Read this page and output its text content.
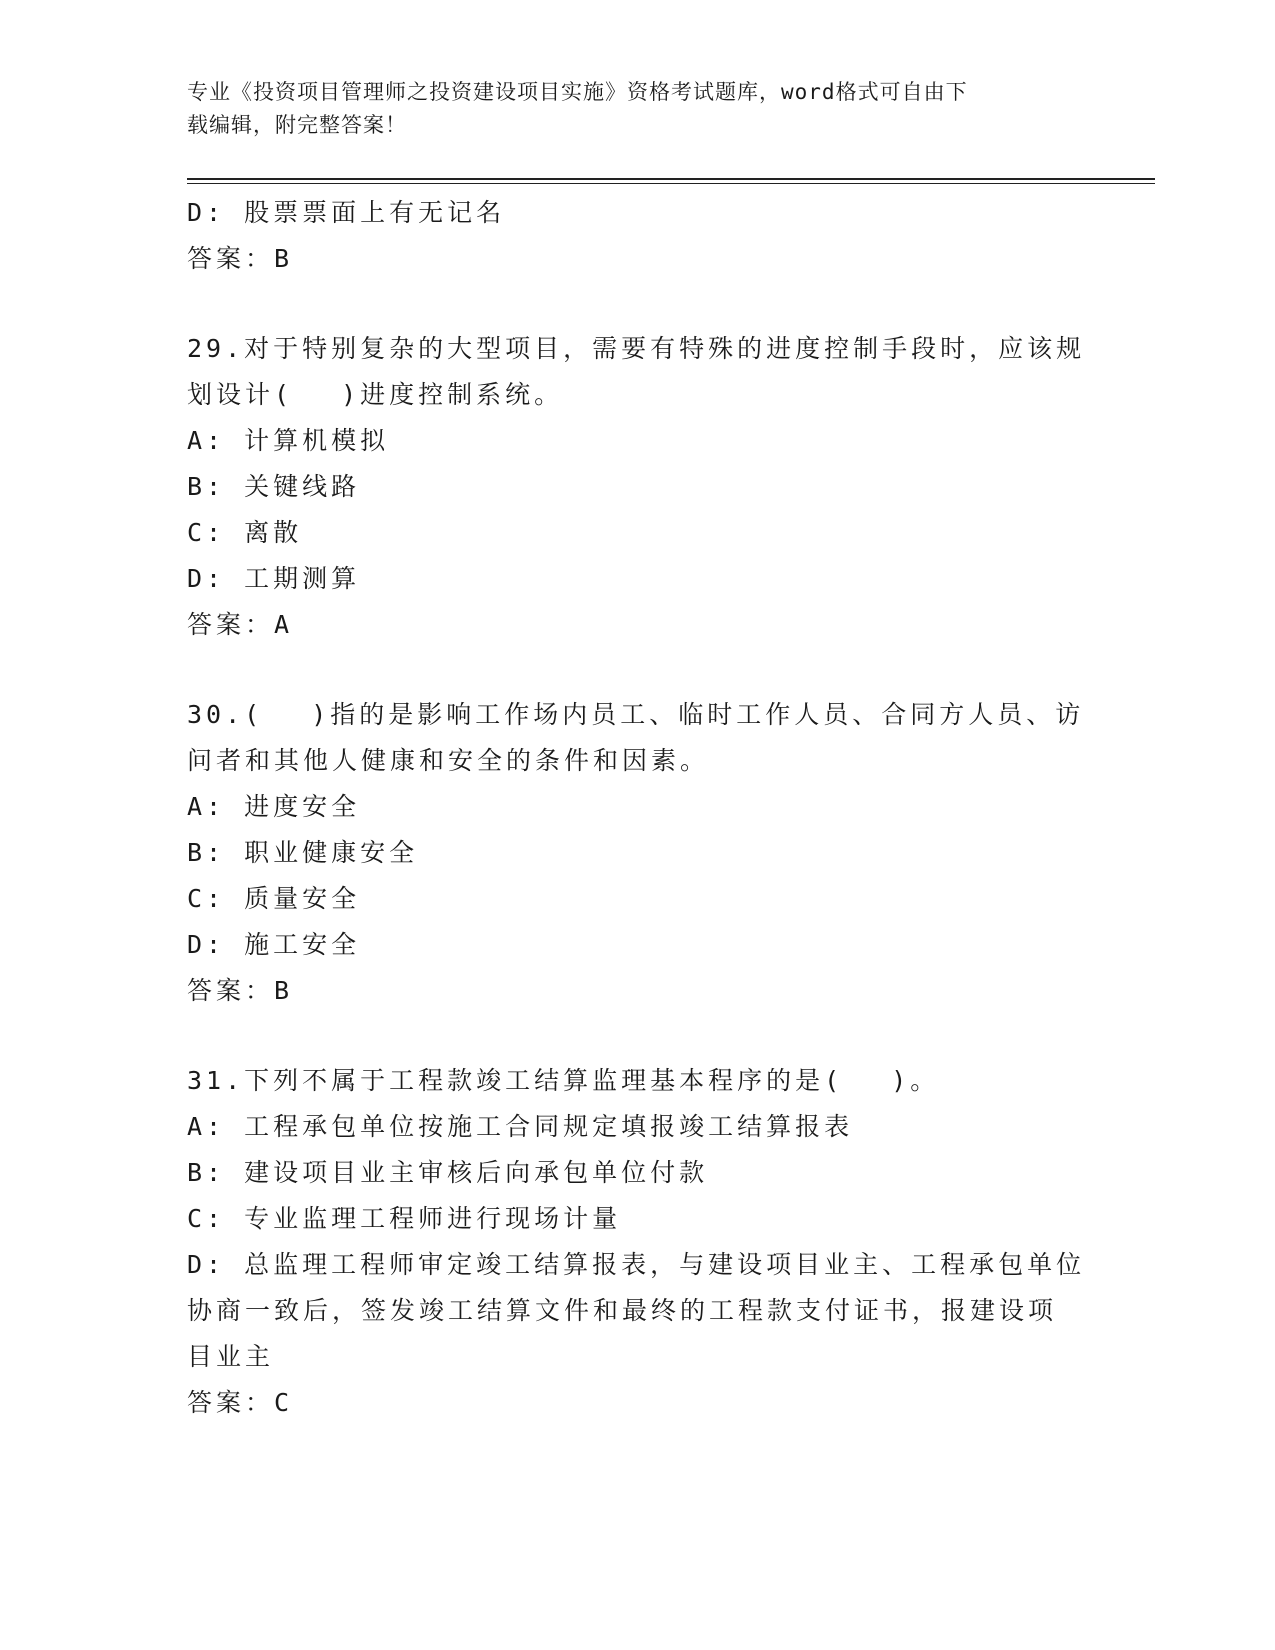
专业《投资项目管理师之投资建设项目实施》资格考试题库，word格式可自由下
载编辑，附完整答案！
D: 股票票面上有无记名
答案：B
29.对于特别复杂的大型项目，需要有特殊的进度控制手段时，应该规
划设计(　 )进度控制系统。
A: 计算机模拟
B: 关键线路
C: 离散
D: 工期测算
答案：A
30.(　 )指的是影响工作场内员工、临时工作人员、合同方人员、访
问者和其他人健康和安全的条件和因素。
A: 进度安全
B: 职业健康安全
C: 质量安全
D: 施工安全
答案：B
31.下列不属于工程款竣工结算监理基本程序的是(　 )。
A: 工程承包单位按施工合同规定填报竣工结算报表
B: 建设项目业主审核后向承包单位付款
C: 专业监理工程师进行现场计量
D: 总监理工程师审定竣工结算报表，与建设项目业主、工程承包单位
协商一致后，签发竣工结算文件和最终的工程款支付证书，报建设项
目业主
答案：C
